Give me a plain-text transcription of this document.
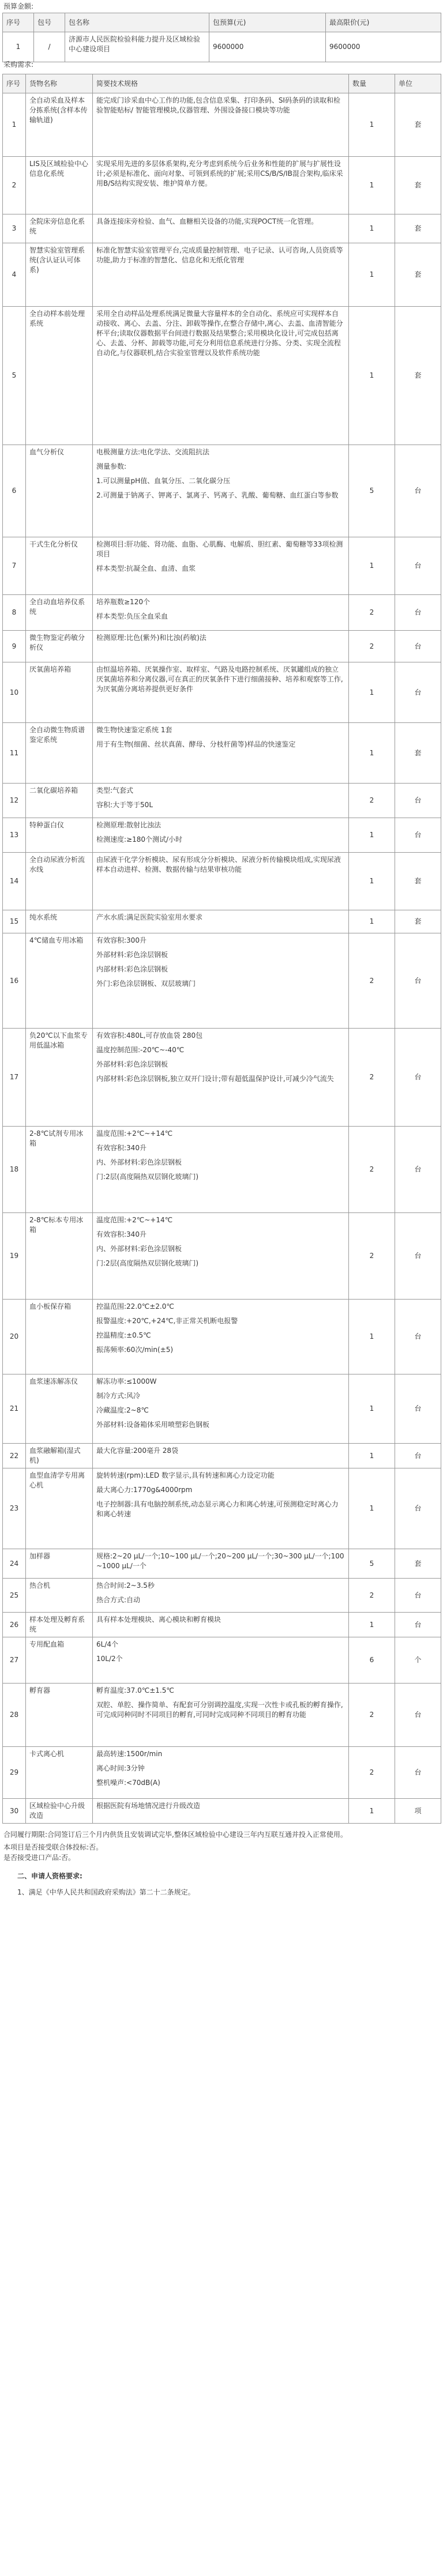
预算金额:
序号	包号	包名称	包预算(元)	最高限价(元)
1	/	济源市人民医院检验科能力提升及区域检验中心建设项目	9600000	9600000
采购需求:
序号	货物名称	简要技术规格	数量	单位
1	全自动采血及样本分拣系统(含样本传输轨道)	能完成门诊采血中心工作的功能,包含信息采集、打印条码、SI码条码的读取和检验智能贴标/ 智能管理模块,仪器管理、外围设备接口模块等功能	1	套
2	LIS及区域检验中心信息化系统	实现采用先进的多层体系架构,充分考虑到系统今后业务和性能的扩展与扩展性设计;必须是标准化、面向对象、可领到系统的扩展;采用CS/B/S/IB混合架构,临床采用B/S结构实现安装、维护简单方便。	1	套
3	全院床旁信息化系统	具备连接床旁检验、血气、血糖相关设备的功能,实现POCT统一化管理。	1	套
4	智慧实验室管理系统(含认证认可体系)	标准化智慧实验室管理平台,完成质量控制管理、电子记录、认可咨询,人员资质等功能,助力于标准的智慧化、信息化和无纸化管理	1	套
5	全自动样本前处理系统	采用全自动样品处理系统满足微量大容量样本的全自动化、系统应可实现样本自动接收、离心、去盖、分注、卸载等操作,在整合存储中,离心、去盖、血清智能分杯平台;读取仪器数据平台间进行数据及结果整合;采用模块化设计,可完成包括离心、去盖、分杯、卸载等功能,可充分利用信息系统进行分拣、分类、实现全流程自动化,与仪器联机,结合实验室管理以及软件系统功能	1	套
6	血气分析仪	电极测量方法:电化学法、交流阻抗法
测量参数:
1.可以测量pH值、血氧分压、二氧化碳分压
2.可测量于钠离子、钾离子、氯离子、钙离子、乳酸、葡萄糖、血红蛋白等参数	5	台
7	干式生化分析仪	检测项目:肝功能、肾功能、血脂、心肌酶、电解质、胆红素、葡萄糖等33项检测项目
样本类型:抗凝全血、血清、血浆	1	台
8	全自动血培养仪系统	培养瓶数≥120个
样本类型:负压全血采血	2	台
9	微生物鉴定药敏分析仪	检测原理:比色(紫外)和比浊(药敏)法	2	台
10	厌氧菌培养箱	由恒温培养箱、厌氧操作室、取样室、气路及电路控制系统、厌氧罐组成的独立厌氧菌培养和分离仪器,可在真正的厌氧条件下进行细菌接种、培养和观察等工作,为厌氧菌分离培养提供更好条件	1	台
11	全自动微生物质谱鉴定系统	微生物快速鉴定系统 1套
用于有生物(细菌、丝状真菌、酵母、分枝杆菌等)样品的快速鉴定	1	套
12	二氧化碳培养箱	类型:气套式
容积:大于等于50L	2	台
13	特种蛋白仪	检测原理:散射比浊法
检测速度:≥180个测试/小时	1	台
14	全自动尿液分析流水线	由尿液干化学分析模块、尿有形成分分析模块、尿液分析传输模块组成,实现尿液样本自动进样、检测、数据传输与结果审核功能	1	套
15	纯水系统	产水水质:满足医院实验室用水要求	1	套
16	4℃储血专用冰箱	有效容积:300升
外部材料:彩色涂层钢板
内部材料:彩色涂层钢板
外门:彩色涂层钢板、双层玻璃门	2	台
17	负20℃以下血浆专用低温冰箱	有效容积:480L,可存放血袋 280包
温度控制范围:-20℃~-40℃
外部材料:彩色涂层钢板
内部材料:彩色涂层钢板,独立双开门设计;带有超低温保护设计,可减少冷气流失	2	台
18	2-8℃试剂专用冰箱	温度范围:+2℃~+14℃
有效容积:340升
内、外部材料:彩色涂层钢板
门:2层(高度隔热双层钢化玻璃门)	2	台
19	2-8℃标本专用冰箱	温度范围:+2℃~+14℃
有效容积:340升
内、外部材料:彩色涂层钢板
门:2层(高度隔热双层钢化玻璃门)	2	台
20	血小板保存箱	控温范围:22.0℃±2.0℃
报警温度:+20℃,+24℃,非正常关机断电报警
控温精度:±0.5℃
振荡频率:60次/min(±5)	1	台
21	血浆速冻解冻仪	解冻功率:≤1000W
制冷方式:风冷
冷藏温度:2~8℃
外部材料:设备箱体采用喷塑彩色钢板	1	台
22	血浆融解箱(湿式机)	最大化容量:200毫升 28袋	1	台
23	血型血清学专用离心机	旋转转速(rpm):LED 数字显示,具有转速和离心力设定功能
最大离心力:1770g&4000rpm
电子控制器:具有电脑控制系统,动态显示离心力和离心转速,可预测稳定时离心力和离心转速	1	台
24	加样器	规格:2~20 μL/一个;10~100 μL/一个;20~200 μL/一个;30~300 μL/一个;100~1000 μL/一个	5	套
25	热合机	热合时间:2~3.5秒
热合方式:自动	2	台
26	样本处理及孵育系统	具有样本处理模块、离心模块和孵育模块	1	台
27	专用配血箱	6L/4个
10L/2个	6	个
28	孵育器	孵育温度:37.0℃±1.5℃
双腔、单腔、操作简单、有配套可分别调控温度,实现一次性卡或孔板的孵育操作,可完成同种同时不同项目的孵育,可同时完成同种不同项目的孵育功能	2	台
29	卡式离心机	最高转速:1500r/min
离心时间:3分钟
整机噪声:<70dB(A)	2	台
30	区域检验中心升级改造	根据医院有场地情况进行升级改造	1	项
合同履行期限:合同签订后三个月内供货且安装调试完毕,整体区域检验中心建设三年内互联互通并投入正常使用。
本项目是否接受联合体投标:否。
是否接受进口产品:否。
二、申请人资格要求:
1、满足《中华人民共和国政府采购法》第二十二条规定。
